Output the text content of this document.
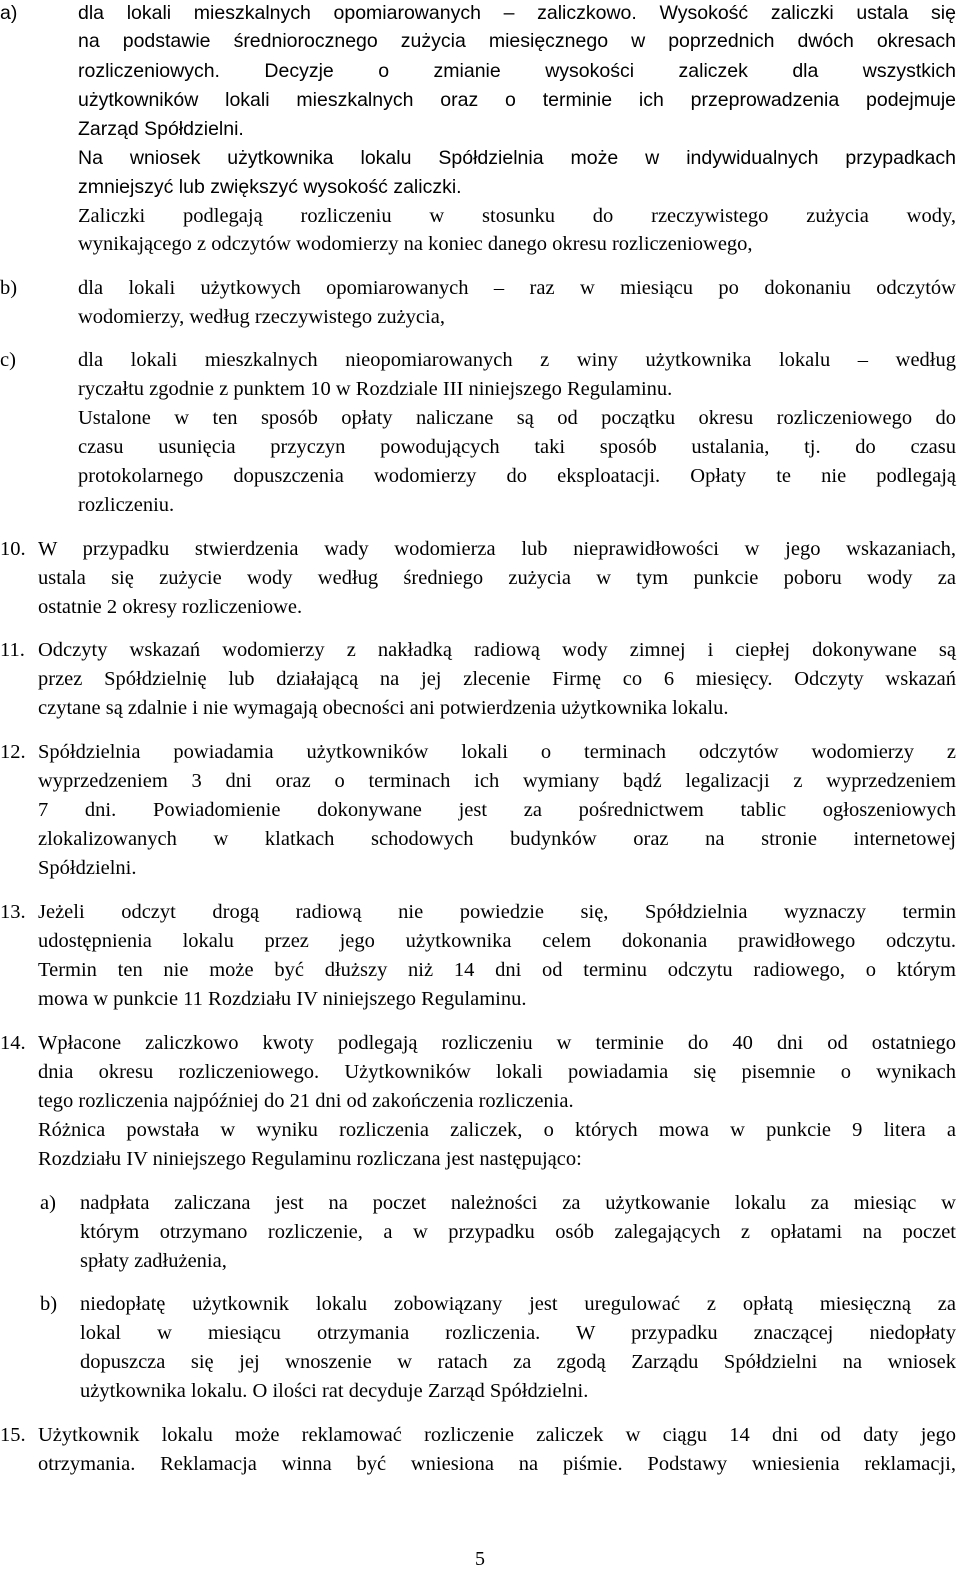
a)	dla lokali mieszkalnych opomiarowanych – zaliczkowo. Wysokość zaliczki ustala się
na podstawie średniorocznego zużycia miesięcznego w poprzednich dwóch okresach
rozliczeniowych. Decyzje o zmianie wysokości zaliczek dla wszystkich
użytkowników lokali mieszkalnych oraz o terminie ich przeprowadzenia podejmuje
Zarząd Spółdzielni.
Na wniosek użytkownika lokalu Spółdzielnia może w indywidualnych przypadkach
zmniejszyć lub zwiększyć wysokość zaliczki.
Zaliczki podlegają rozliczeniu w stosunku do rzeczywistego zużycia wody,
wynikającego z odczytów wodomierzy na koniec danego okresu rozliczeniowego,
b)	dla lokali użytkowych opomiarowanych – raz w miesiącu po dokonaniu odczytów
wodomierzy, według rzeczywistego zużycia,
c)	dla lokali mieszkalnych nieopomiarowanych z winy użytkownika lokalu – według
ryczałtu zgodnie z punktem 10 w Rozdziale III niniejszego Regulaminu.
Ustalone w ten sposób opłaty naliczane są od początku okresu rozliczeniowego do
czasu usunięcia przyczyn powodujących taki sposób ustalania, tj. do czasu
protokolarnego dopuszczenia wodomierzy do eksploatacji. Opłaty te nie podlegają
rozliczeniu.
10. W przypadku stwierdzenia wady wodomierza lub nieprawidłowości w jego wskazaniach,
ustala się zużycie wody według średniego zużycia w tym punkcie poboru wody za
ostatnie 2 okresy rozliczeniowe.
11. Odczyty wskazań wodomierzy z nakładką radiową wody zimnej i ciepłej dokonywane są
przez Spółdzielnię lub działającą na jej zlecenie Firmę co 6 miesięcy. Odczyty wskazań
czytane są zdalnie i nie wymagają obecności ani potwierdzenia użytkownika lokalu.
12. Spółdzielnia powiadamia użytkowników lokali o terminach odczytów wodomierzy z
wyprzedzeniem 3 dni oraz o terminach ich wymiany bądź legalizacji z wyprzedzeniem
7 dni. Powiadomienie dokonywane jest za pośrednictwem tablic ogłoszeniowych
zlokalizowanych w klatkach schodowych budynków oraz na stronie internetowej
Spółdzielni.
13. Jeżeli odczyt drogą radiową nie powiedzie się, Spółdzielnia wyznaczy termin
udostępnienia lokalu przez jego użytkownika celem dokonania prawidłowego odczytu.
Termin ten nie może być dłuższy niż 14 dni od terminu odczytu radiowego, o którym
mowa w punkcie 11 Rozdziału IV niniejszego Regulaminu.
14. Wpłacone zaliczkowo kwoty podlegają rozliczeniu w terminie do 40 dni od ostatniego
dnia okresu rozliczeniowego. Użytkowników lokali powiadamia się pisemnie o wynikach
tego rozliczenia najpóźniej do 21 dni od zakończenia rozliczenia.
Różnica powstała w wyniku rozliczenia zaliczek, o których mowa w punkcie 9 litera a
Rozdziału IV niniejszego Regulaminu rozliczana jest następująco:
a) nadpłata zaliczana jest na poczet należności za użytkowanie lokalu za miesiąc w
którym otrzymano rozliczenie, a w przypadku osób zalegających z opłatami na poczet
spłaty zadłużenia,
b) niedopłatę użytkownik lokalu zobowiązany jest uregulować z opłatą miesięczną za
lokal w miesiącu otrzymania rozliczenia. W przypadku znaczącej niedopłaty
dopuszcza się jej wnoszenie w ratach za zgodą Zarządu Spółdzielni na wniosek
użytkownika lokalu. O ilości rat decyduje Zarząd Spółdzielni.
15. Użytkownik lokalu może reklamować rozliczenie zaliczek w ciągu 14 dni od daty jego
otrzymania. Reklamacja winna być wniesiona na piśmie. Podstawy wniesienia reklamacji,
5
